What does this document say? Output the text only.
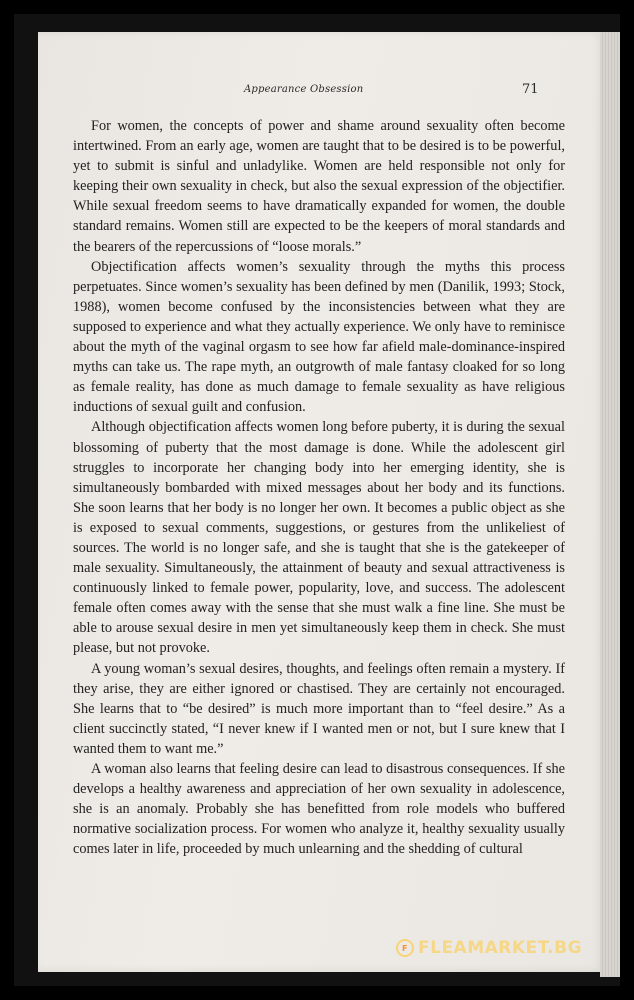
Appearance Obsession	71

For women, the concepts of power and shame around sexuality often become intertwined. From an early age, women are taught that to be desired is to be powerful, yet to submit is sinful and unladylike. Women are held responsible not only for keeping their own sexuality in check, but also the sexual expression of the objectifier. While sexual freedom seems to have dramatically expanded for women, the double standard remains. Women still are expected to be the keepers of moral standards and the bearers of the repercussions of “loose morals.”

Objectification affects women’s sexuality through the myths this process perpetuates. Since women’s sexuality has been defined by men (Danilik, 1993; Stock, 1988), women become confused by the inconsistencies between what they are supposed to experience and what they actually experience. We only have to reminisce about the myth of the vaginal orgasm to see how far afield male-dominance-inspired myths can take us. The rape myth, an outgrowth of male fantasy cloaked for so long as female reality, has done as much damage to female sexuality as have religious inductions of sexual guilt and confusion.

Although objectification affects women long before puberty, it is during the sexual blossoming of puberty that the most damage is done. While the adolescent girl struggles to incorporate her changing body into her emerging identity, she is simultaneously bombarded with mixed messages about her body and its functions. She soon learns that her body is no longer her own. It becomes a public object as she is exposed to sexual comments, suggestions, or gestures from the unlikeliest of sources. The world is no longer safe, and she is taught that she is the gatekeeper of male sexuality. Simultaneously, the attainment of beauty and sexual attractiveness is continuously linked to female power, popularity, love, and success. The adolescent female often comes away with the sense that she must walk a fine line. She must be able to arouse sexual desire in men yet simultaneously keep them in check. She must please, but not provoke.

A young woman’s sexual desires, thoughts, and feelings often remain a mystery. If they arise, they are either ignored or chastised. They are certainly not encouraged. She learns that to “be desired” is much more important than to “feel desire.” As a client succinctly stated, “I never knew if I wanted men or not, but I sure knew that I wanted them to want me.”

A woman also learns that feeling desire can lead to disastrous consequences. If she develops a healthy awareness and appreciation of her own sexuality in adolescence, she is an anomaly. Probably she has benefitted from role models who buffered normative socialization process. For women who analyze it, healthy sexuality usually comes later in life, proceeded by much unlearning and the shedding of cultural

F FLEAMARKET.BG
